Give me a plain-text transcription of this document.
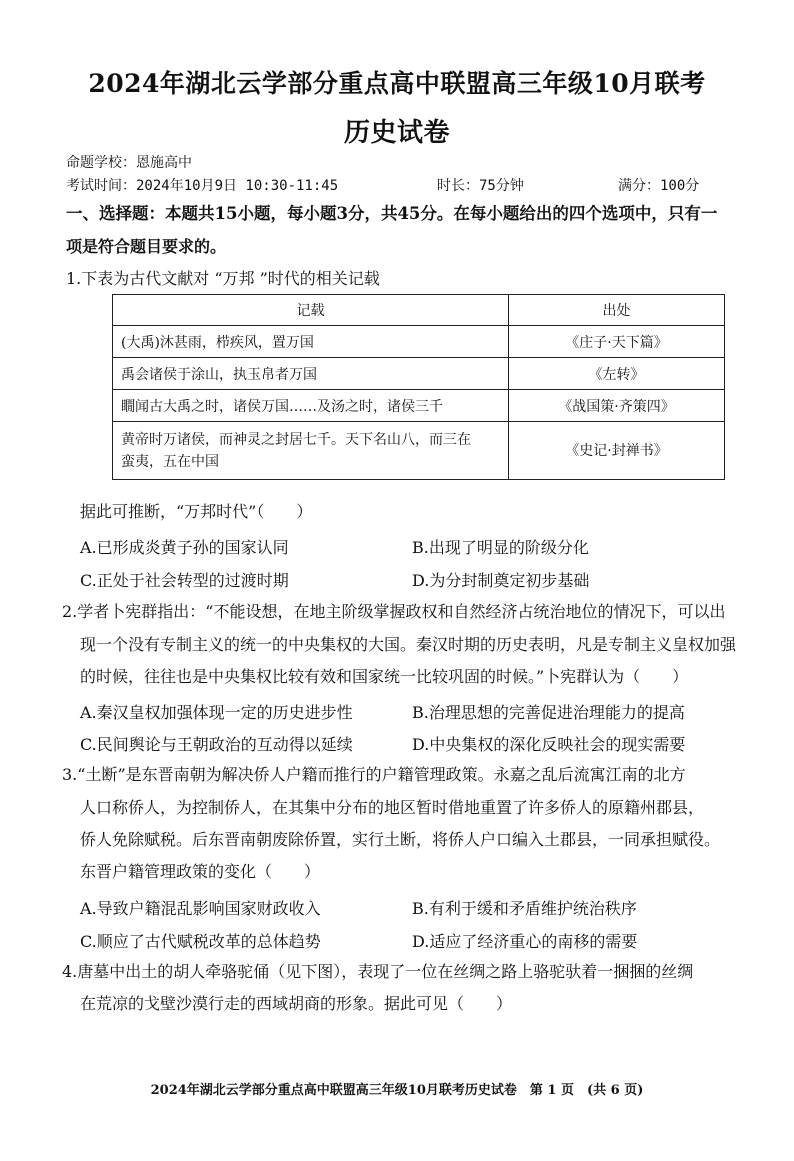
2024年湖北云学部分重点高中联盟高三年级10月联考
历史试卷
命题学校：恩施高中
考试时间：2024年10月9日 10:30-11:45	时长：75分钟	满分：100分
一、选择题：本题共15小题，每小题3分，共45分。在每小题给出的四个选项中，只有一
项是符合题目要求的。
1.下表为古代文献对 “万邦 ”时代的相关记载
记载	出处
(大禹)沐甚雨，栉疾风，置万国	《庄子·天下篇》
禹会诸侯于涂山，执玉帛者万国	《左转》
瞯闻古大禹之时，诸侯万国……及汤之时，诸侯三千	《战国策·齐策四》

黄帝时万诸侯，而神灵之封居七千。天下名山八，而三在
蛮夷，五在中国	《史记·封禅书》
据此可推断，“万邦时代”（　　）
A.已形成炎黄子孙的国家认同	B.出现了明显的阶级分化
C.正处于社会转型的过渡时期	D.为分封制奠定初步基础
2.学者卜宪群指出：“不能设想，在地主阶级掌握政权和自然经济占统治地位的情况下，可以出
现一个没有专制主义的统一的中央集权的大国。秦汉时期的历史表明，凡是专制主义皇权加强
的时候，往往也是中央集权比较有效和国家统一比较巩固的时候。”卜宪群认为（　　）
A.秦汉皇权加强体现一定的历史进步性	B.治理思想的完善促进治理能力的提高
C.民间舆论与王朝政治的互动得以延续	D.中央集权的深化反映社会的现实需要
3.“土断”是东晋南朝为解决侨人户籍而推行的户籍管理政策。永嘉之乱后流寓江南的北方
人口称侨人，为控制侨人，在其集中分布的地区暂时借地重置了许多侨人的原籍州郡县，
侨人免除赋税。后东晋南朝废除侨置，实行土断，将侨人户口编入土郡县，一同承担赋役。
东晋户籍管理政策的变化（　　）
A.导致户籍混乱影响国家财政收入	B.有利于缓和矛盾维护统治秩序
C.顺应了古代赋税改革的总体趋势	D.适应了经济重心的南移的需要
4.唐墓中出土的胡人牵骆驼俑（见下图），表现了一位在丝绸之路上骆驼驮着一捆捆的丝绸
在荒凉的戈壁沙漠行走的西域胡商的形象。据此可见（　　）
2024年湖北云学部分重点高中联盟高三年级10月联考历史试卷　第 1 页　(共 6 页)
